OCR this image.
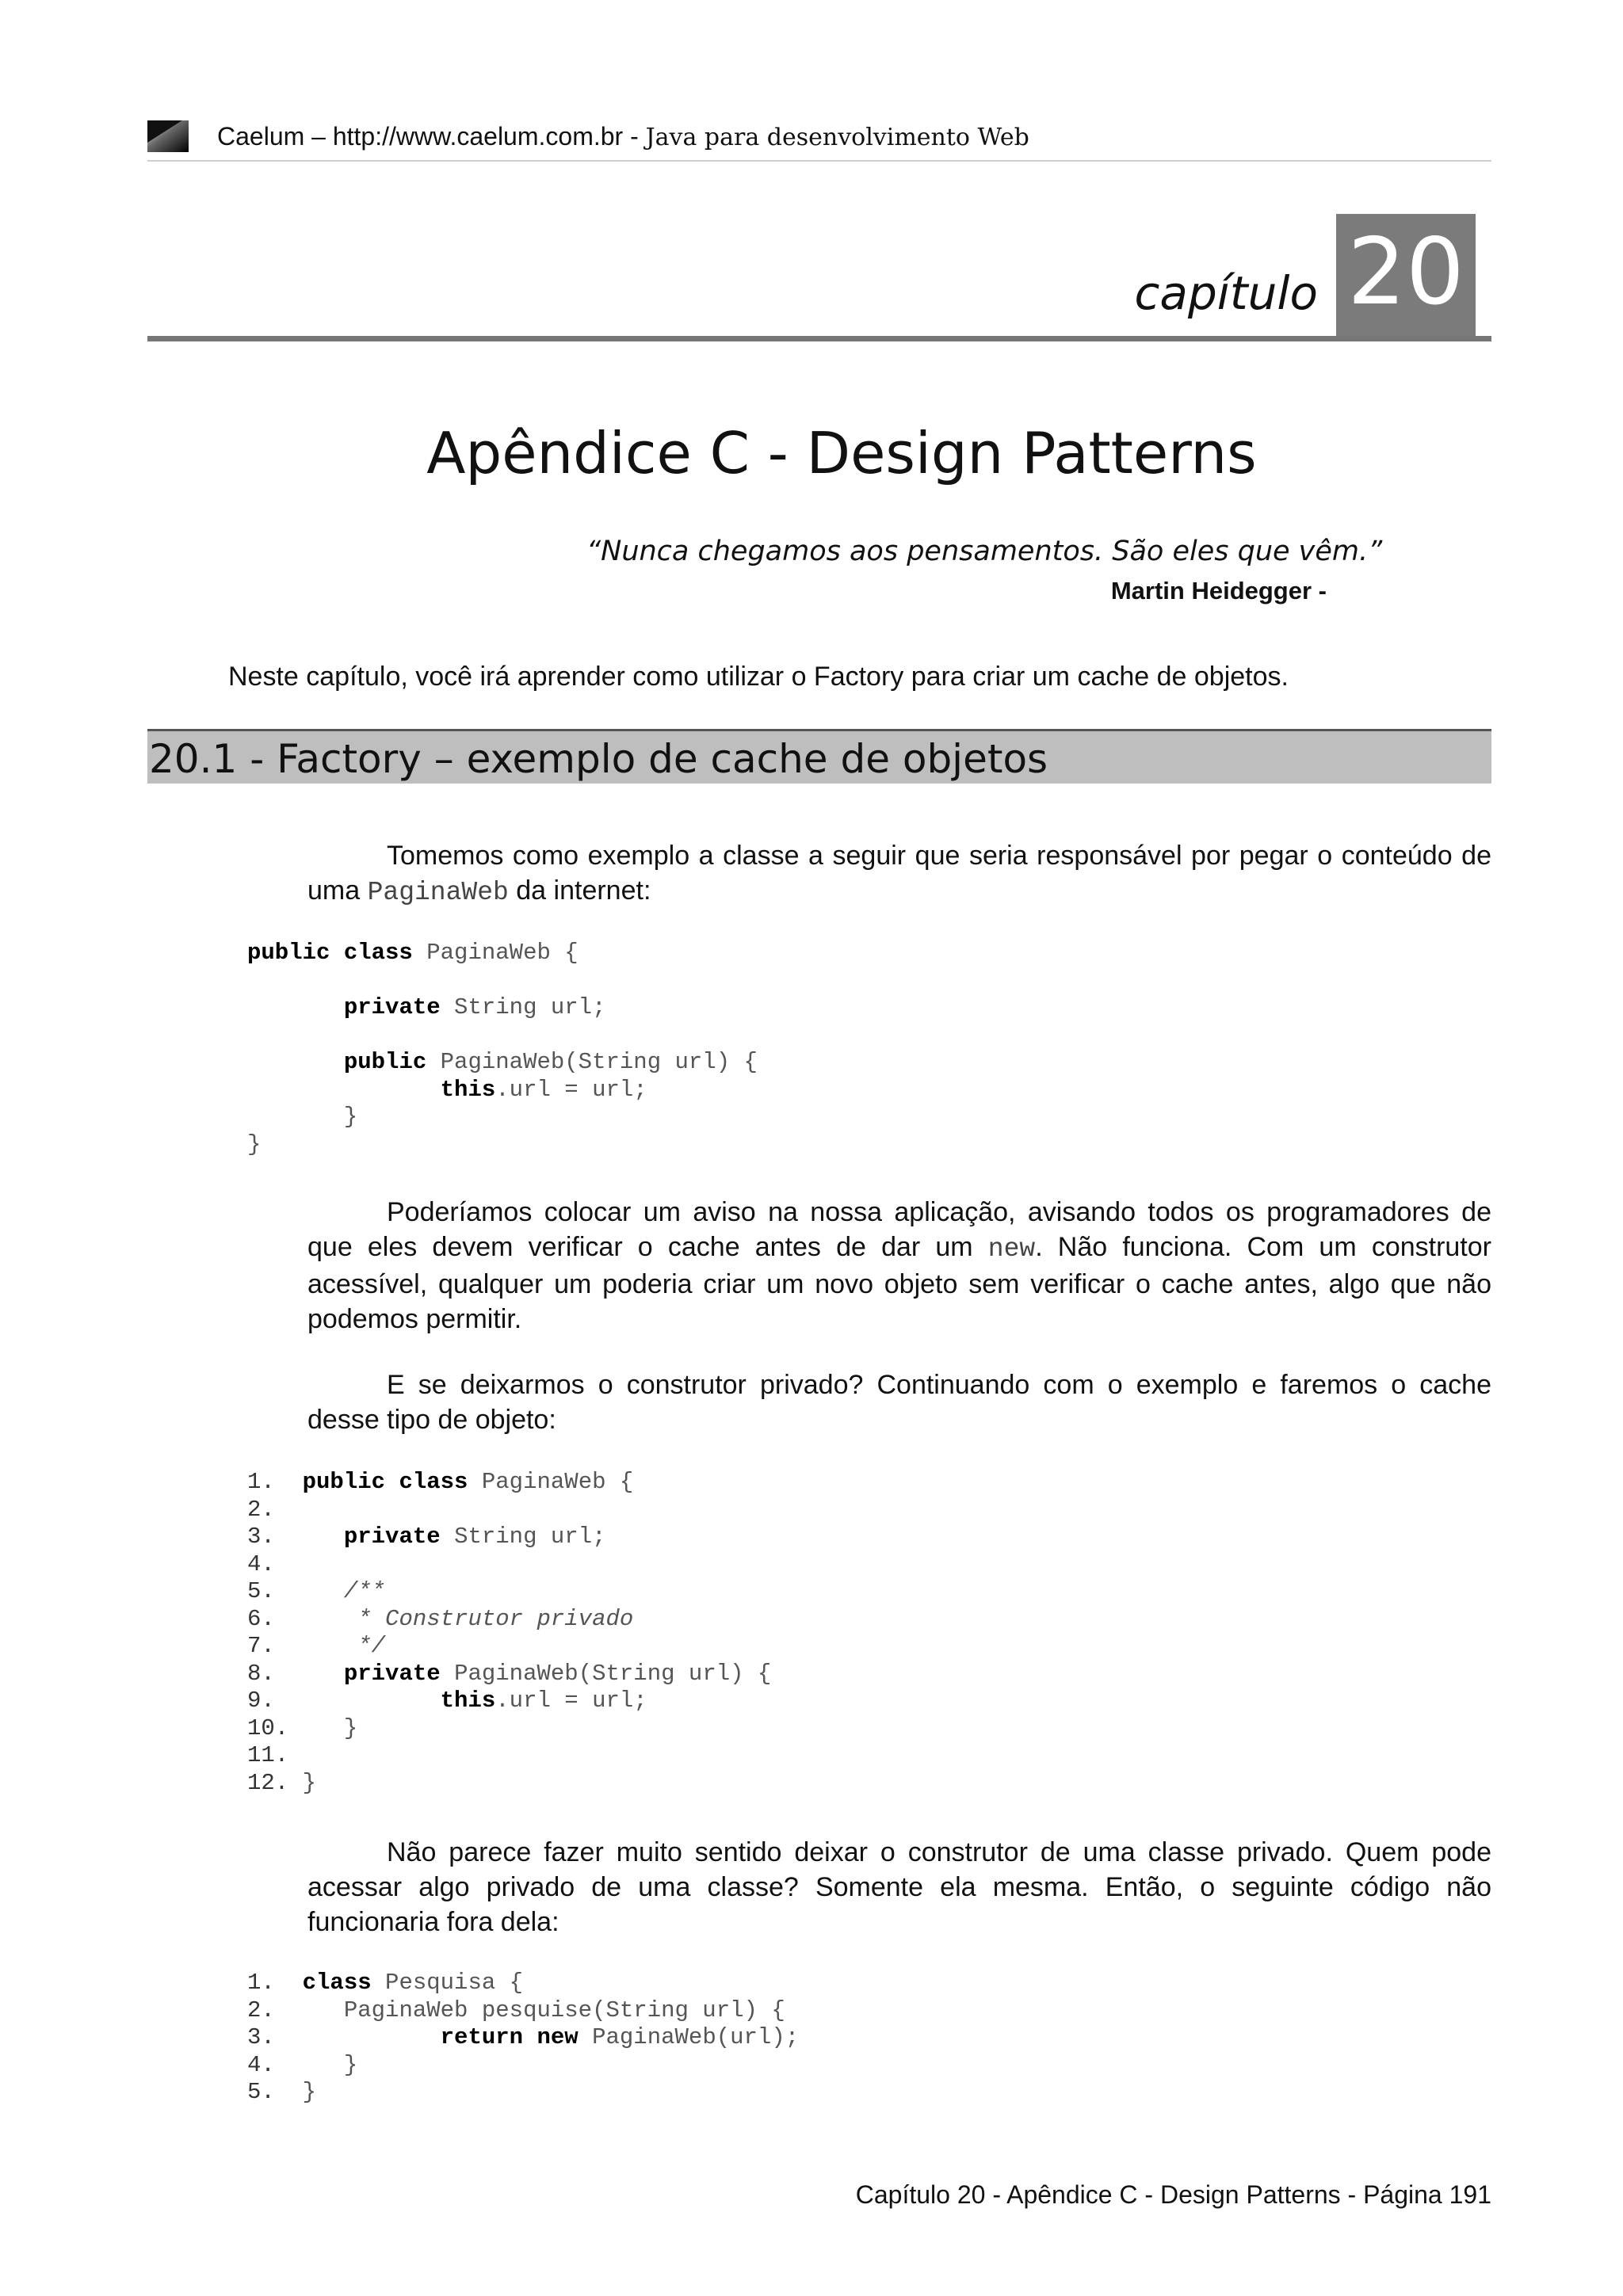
Caelum – http://www.caelum.com.br - Java para desenvolvimento Web
capítulo 20
Apêndice C - Design Patterns
“Nunca chegamos aos pensamentos. São eles que vêm.”
Martin Heidegger -
Neste capítulo, você irá aprender como utilizar o Factory para criar um cache de objetos.
20.1 - Factory – exemplo de cache de objetos

Tomemos como exemplo a classe a seguir que seria responsável por pegar o conteúdo de uma PaginaWeb da internet:

public class PaginaWeb {

private String url;

public PaginaWeb(String url) {
this.url = url;
}
}

Poderíamos colocar um aviso na nossa aplicação, avisando todos os programadores de que eles devem verificar o cache antes de dar um new. Não funciona. Com um construtor acessível, qualquer um poderia criar um novo objeto sem verificar o cache antes, algo que não podemos permitir.

E se deixarmos o construtor privado? Continuando com o exemplo e faremos o cache desse tipo de objeto:

1.  public class PaginaWeb {
2.
3.     private String url;
4.
5.     /**
6.      * Construtor privado
7.      */
8.     private PaginaWeb(String url) {
9.	this.url = url;
10.    }
11.
12. }

Não parece fazer muito sentido deixar o construtor de uma classe privado. Quem pode acessar algo privado de uma classe? Somente ela mesma. Então, o seguinte código não funcionaria fora dela:

1.  class Pesquisa {
2.     PaginaWeb pesquise(String url) {
3.	return new PaginaWeb(url);
4.     }
5.  }
Capítulo 20 - Apêndice C - Design Patterns - Página 191
